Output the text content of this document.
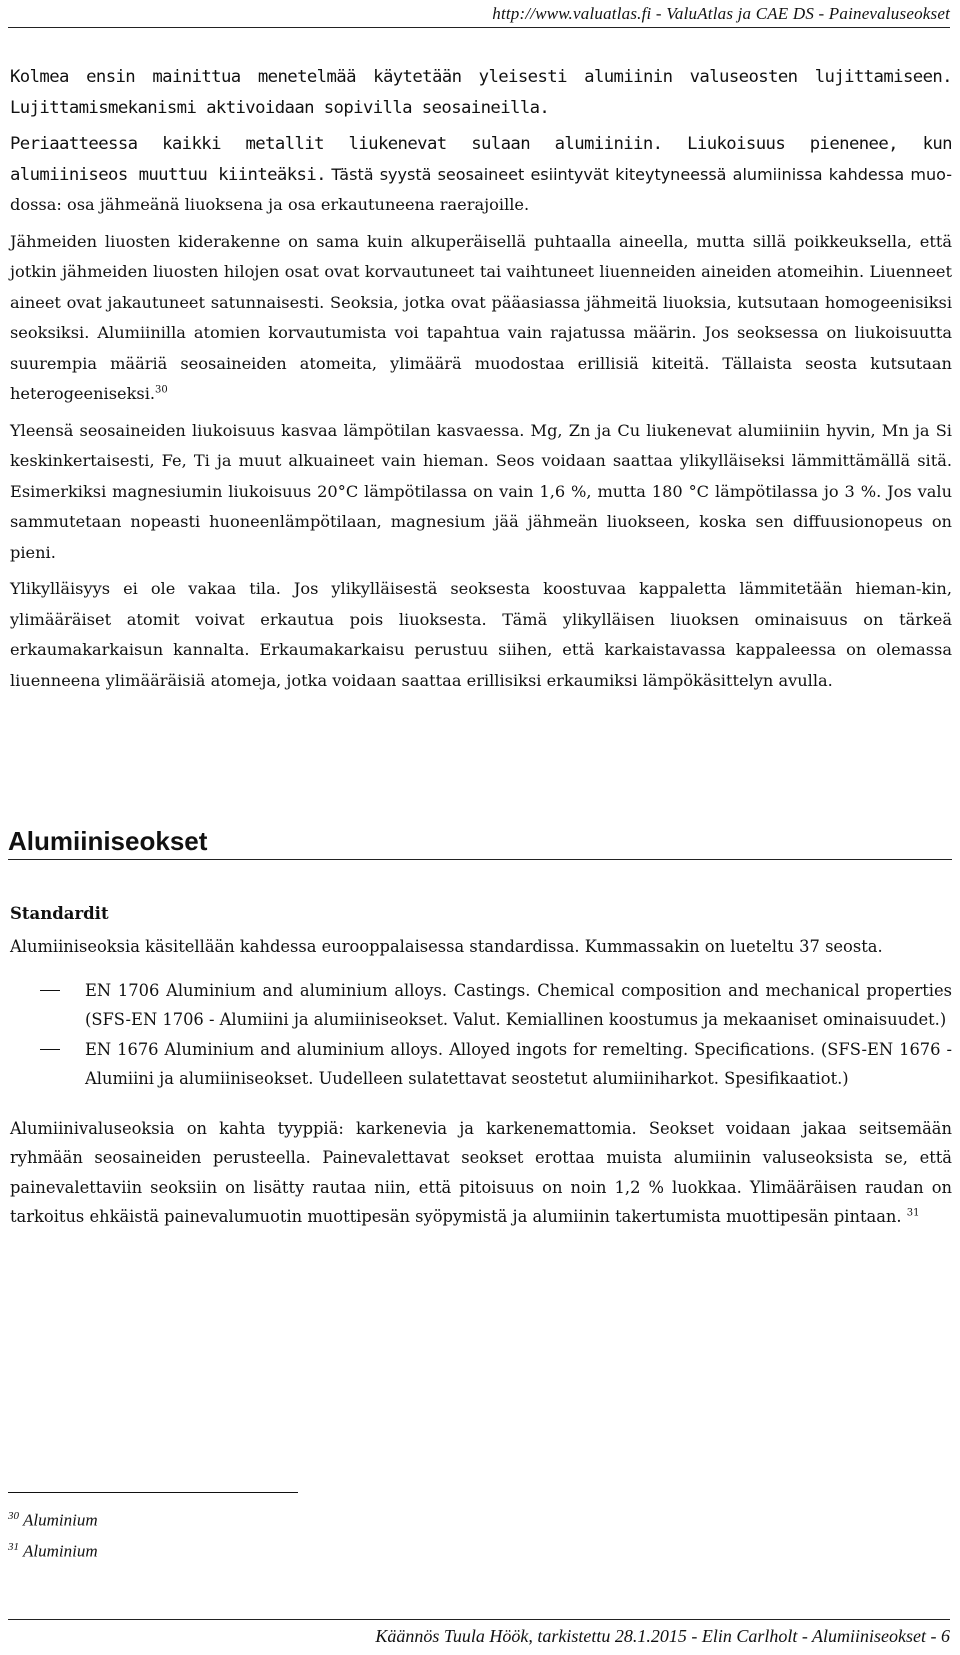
http://www.valuatlas.fi - ValuAtlas ja CAE DS - Painevaluseokset

Kolmea ensin mainittua menetelmää käytetään yleisesti alumiinin valuseosten lujittamiseen. Lujittamismekanismi aktivoidaan sopivilla seosaineilla.

Periaatteessa kaikki metallit liukenevat sulaan alumiiniin. Liukoisuus pienenee, kun alumiiniseos muuttuu kiinteäksi. Tästä syystä seosaineet esiintyvät kiteytyneessä alumiinissa kahdessa muo- dossa: osa jähmeänä liuoksena ja osa erkautuneena raerajoille.

Jähmeiden liuosten kiderakenne on sama kuin alkuperäisellä puhtaalla aineella, mutta sillä poikkeuksella, että jotkin jähmeiden liuosten hilojen osat ovat korvautuneet tai vaihtuneet liuenneiden aineiden atomeihin. Liuenneet aineet ovat jakautuneet satunnaisesti. Seoksia, jotka ovat pääasiassa jähmeitä liuoksia, kutsutaan homogeenisiksi seoksiksi. Alumiinilla atomien korvautumista voi tapahtua vain rajatussa määrin. Jos seoksessa on liukoisuutta suurempia määriä seosaineiden atomeita, ylimäärä muodostaa erillisiä kiteitä. Tällaista seosta kutsutaan heterogeeniseksi.$^{30}$

Yleensä seosaineiden liukoisuus kasvaa lämpötilan kasvaessa. Mg, Zn ja Cu liukenevat alumiiniin hyvin, Mn ja Si keskinkertaisesti, Fe, Ti ja muut alkuaineet vain hieman. Seos voidaan saattaa ylikylläiseksi lämmittämällä sitä. Esimerkiksi magnesiumin liukoisuus 20°C lämpötilassa on vain 1,6 %, mutta 180 °C lämpötilassa jo 3 %. Jos valu sammutetaan nopeasti huoneenlämpötilaan, magnesium jää jähmeän liuokseen, koska sen diffuusionopeus on pieni.

Ylikylläisyys ei ole vakaa tila. Jos ylikylläisestä seoksesta koostuvaa kappaletta lämmitetään hieman-kin, ylimääräiset atomit voivat erkautua pois liuoksesta. Tämä ylikylläisen liuoksen ominaisuus on tärkeä erkaumakarkaisun kannalta. Erkaumakarkaisu perustuu siihen, että karkaistavassa kappaleessa on olemassa liuenneena ylimääräisiä atomeja, jotka voidaan saattaa erillisiksi erkaumiksi lämpökäsittelyn avulla.

Alumiiniseokset
Standardit

Alumiiniseoksia käsitellään kahdessa eurooppalaisessa standardissa. Kummassakin on lueteltu 37 seosta.

EN 1706 Aluminium and aluminium alloys. Castings. Chemical composition and mechanical properties (SFS-EN 1706 - Alumiini ja alumiiniseokset. Valut. Kemiallinen koostumus ja mekaaniset ominaisuudet.)
EN 1676 Aluminium and aluminium alloys. Alloyed ingots for remelting. Specifications. (SFS-EN 1676 - Alumiini ja alumiiniseokset. Uudelleen sulatettavat seostetut alumiiniharkot. Spesifikaatiot.)

Alumiinivaluseoksia on kahta tyyppiä: karkenevia ja karkenemattomia. Seokset voidaan jakaa seitsemään ryhmään seosaineiden perusteella. Painevalettavat seokset erottaa muista alumiinin valuseoksista se, että painevalettaviin seoksiin on lisätty rautaa niin, että pitoisuus on noin 1,2 % luokkaa. Ylimääräisen raudan on tarkoitus ehkäistä painevalumuotin muottipesän syöpymistä ja alumiinin takertumista muottipesän pintaan. $^{31}$

$^{30}$ Aluminium
$^{31}$ Aluminium
Käännös Tuula Höök, tarkistettu 28.1.2015 - Elin Carlholt - Alumiiniseokset - 6
